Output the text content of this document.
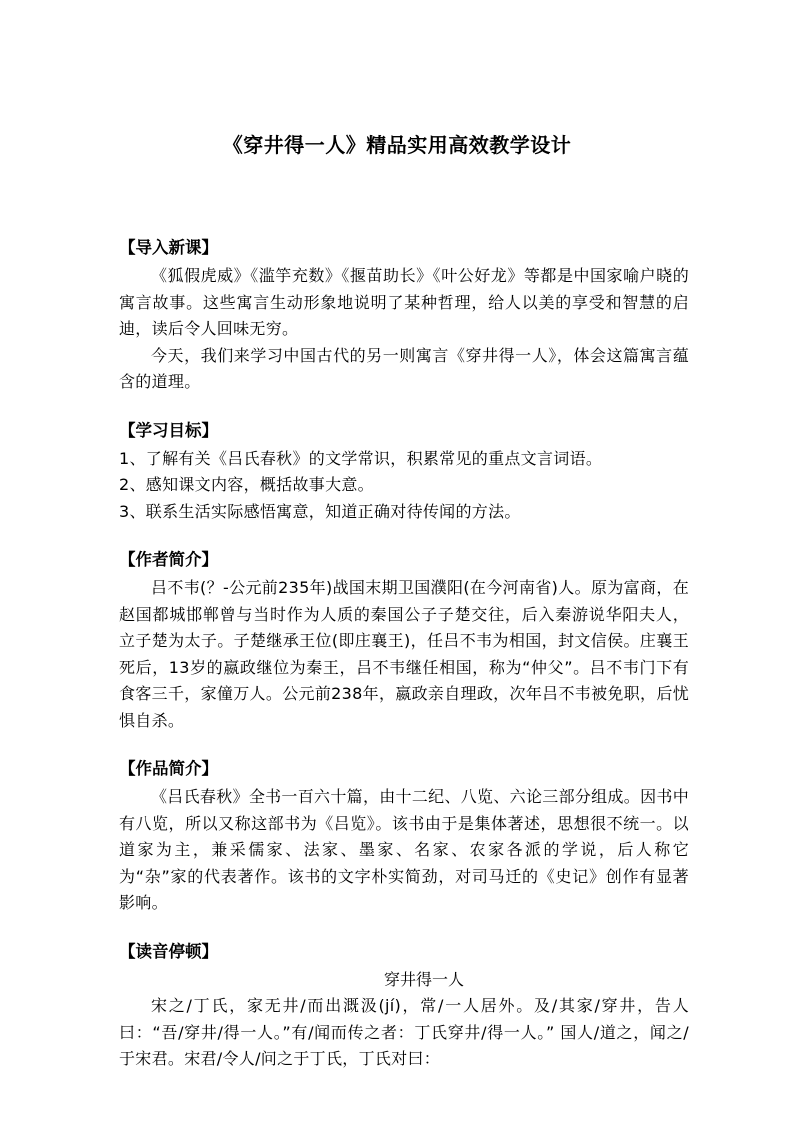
《穿井得一人》精品实用高效教学设计

【导入新课】

《狐假虎威》《滥竽充数》《揠苗助长》《叶公好龙》等都是中国家喻户晓的寓言故事。这些寓言生动形象地说明了某种哲理，给人以美的享受和智慧的启迪，读后令人回味无穷。

今天，我们来学习中国古代的另一则寓言《穿井得一人》，体会这篇寓言蕴含的道理。

【学习目标】

1、了解有关《吕氏春秋》的文学常识，积累常见的重点文言词语。

2、感知课文内容，概括故事大意。

3、联系生活实际感悟寓意，知道正确对待传闻的方法。

【作者简介】

吕不韦(？-公元前235年)战国末期卫国濮阳(在今河南省)人。原为富商，在赵国都城邯郸曾与当时作为人质的秦国公子子楚交往，后入秦游说华阳夫人，立子楚为太子。子楚继承王位(即庄襄王)，任吕不韦为相国，封文信侯。庄襄王死后，13岁的嬴政继位为秦王，吕不韦继任相国，称为“仲父”。吕不韦门下有食客三千，家僮万人。公元前238年，嬴政亲自理政，次年吕不韦被免职，后忧惧自杀。

【作品简介】

《吕氏春秋》全书一百六十篇，由十二纪、八览、六论三部分组成。因书中有八览，所以又称这部书为《吕览》。该书由于是集体著述，思想很不统一。以道家为主，兼采儒家、法家、墨家、名家、农家各派的学说，后人称它为“杂”家的代表著作。该书的文字朴实简劲，对司马迁的《史记》创作有显著影响。

【读音停顿】

穿井得一人

宋之/丁氏，家无井/而出溉汲(jí)，常/一人居外。及/其家/穿井，告人曰：“吾/穿井/得一人。”有/闻而传之者：丁氏穿井/得一人。” 国人/道之，闻之/于宋君。宋君/令人/问之于丁氏，丁氏对曰：
